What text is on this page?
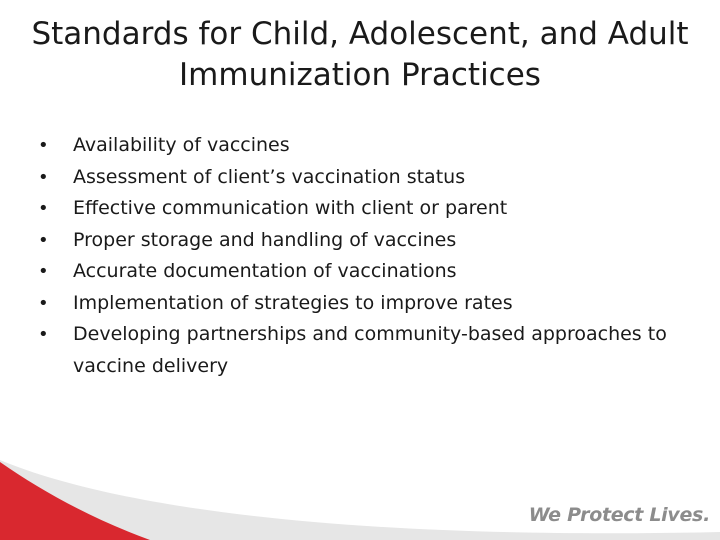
Standards for Child, Adolescent, and Adult
Immunization Practices
•	Availability of vaccines
•	Assessment of client’s vaccination status
•	Effective communication with client or parent
•	Proper storage and handling of vaccines
•	Accurate documentation of vaccinations
•	Implementation of strategies to improve rates
•	Developing partnerships and community-based approaches to vaccine delivery
We Protect Lives.
